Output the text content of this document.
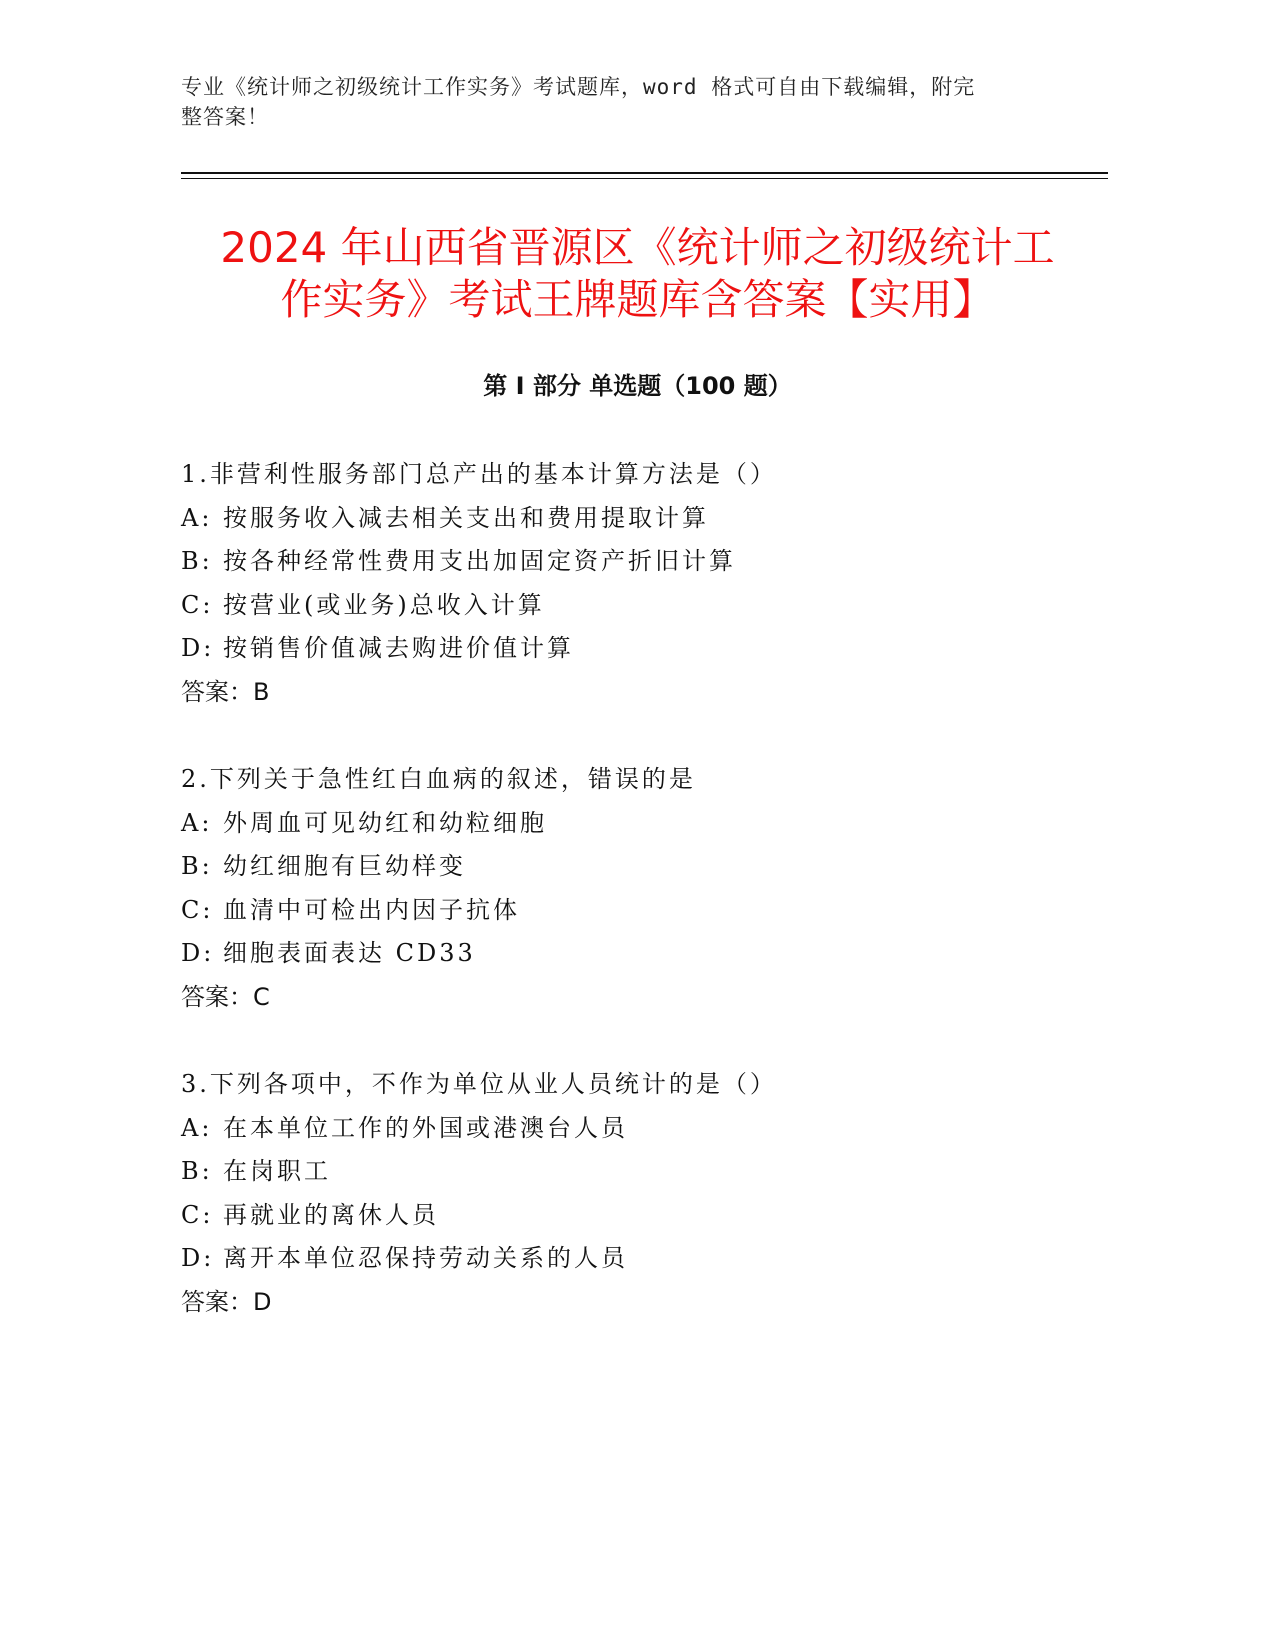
专业《统计师之初级统计工作实务》考试题库，word 格式可自由下载编辑，附完
整答案！
2024 年山西省晋源区《统计师之初级统计工
作实务》考试王牌题库含答案【实用】
第 I 部分 单选题（100 题）
1.非营利性服务部门总产出的基本计算方法是（）
A: 按服务收入减去相关支出和费用提取计算
B: 按各种经常性费用支出加固定资产折旧计算
C: 按营业(或业务)总收入计算
D: 按销售价值减去购进价值计算
答案：B
2.下列关于急性红白血病的叙述，错误的是
A: 外周血可见幼红和幼粒细胞
B: 幼红细胞有巨幼样变
C: 血清中可检出内因子抗体
D: 细胞表面表达 CD33
答案：C
3.下列各项中，不作为单位从业人员统计的是（）
A: 在本单位工作的外国或港澳台人员
B: 在岗职工
C: 再就业的离休人员
D: 离开本单位忍保持劳动关系的人员
答案：D
